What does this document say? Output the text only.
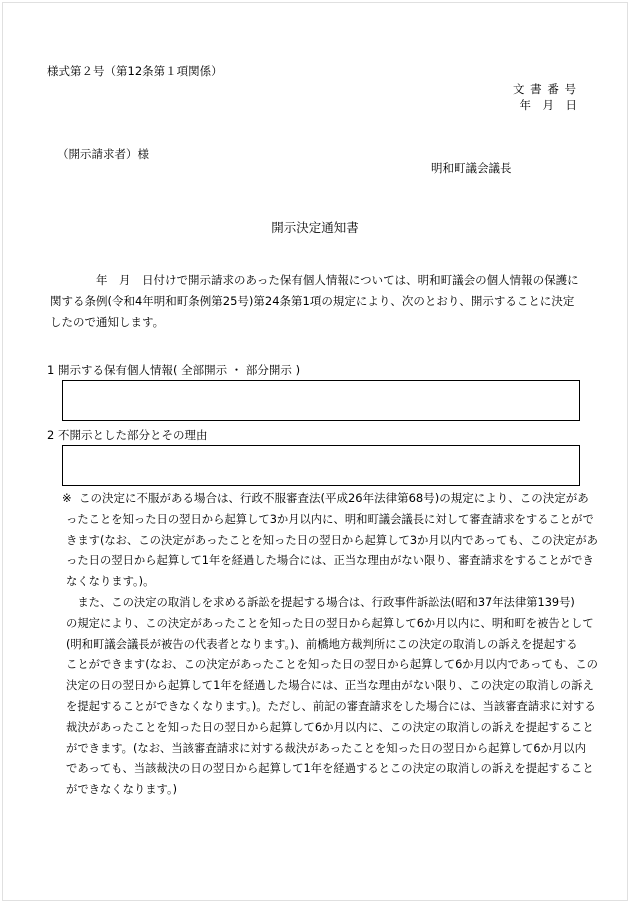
様式第２号（第12条第１項関係）
文 書 番 号
年　月　日
（開示請求者）様
明和町議会議長
開示決定通知書
　　　　年　月　日付けで開示請求のあった保有個人情報については、明和町議会の個人情報の保護に
関する条例(令和4年明和町条例第25号)第24条第1項の規定により、次のとおり、開示することに決定
したので通知します。
1 開示する保有個人情報( 全部開示 ・ 部分開示 )
2 不開示とした部分とその理由
※ この決定に不服がある場合は、行政不服審査法(平成26年法律第68号)の規定により、この決定があ
ったことを知った日の翌日から起算して3か月以内に、明和町議会議長に対して審査請求をすることがで
きます(なお、この決定があったことを知った日の翌日から起算して3か月以内であっても、この決定があ
った日の翌日から起算して1年を経過した場合には、正当な理由がない限り、審査請求をすることができ
なくなります。)。
　また、この決定の取消しを求める訴訟を提起する場合は、行政事件訴訟法(昭和37年法律第139号)
の規定により、この決定があったことを知った日の翌日から起算して6か月以内に、明和町を被告として
(明和町議会議長が被告の代表者となります。)、前橋地方裁判所にこの決定の取消しの訴えを提起する
ことができます(なお、この決定があったことを知った日の翌日から起算して6か月以内であっても、この
決定の日の翌日から起算して1年を経過した場合には、正当な理由がない限り、この決定の取消しの訴え
を提起することができなくなります。)。ただし、前記の審査請求をした場合には、当該審査請求に対する
裁決があったことを知った日の翌日から起算して6か月以内に、この決定の取消しの訴えを提起すること
ができます。(なお、当該審査請求に対する裁決があったことを知った日の翌日から起算して6か月以内
であっても、当該裁決の日の翌日から起算して1年を経過するとこの決定の取消しの訴えを提起すること
ができなくなります。)
